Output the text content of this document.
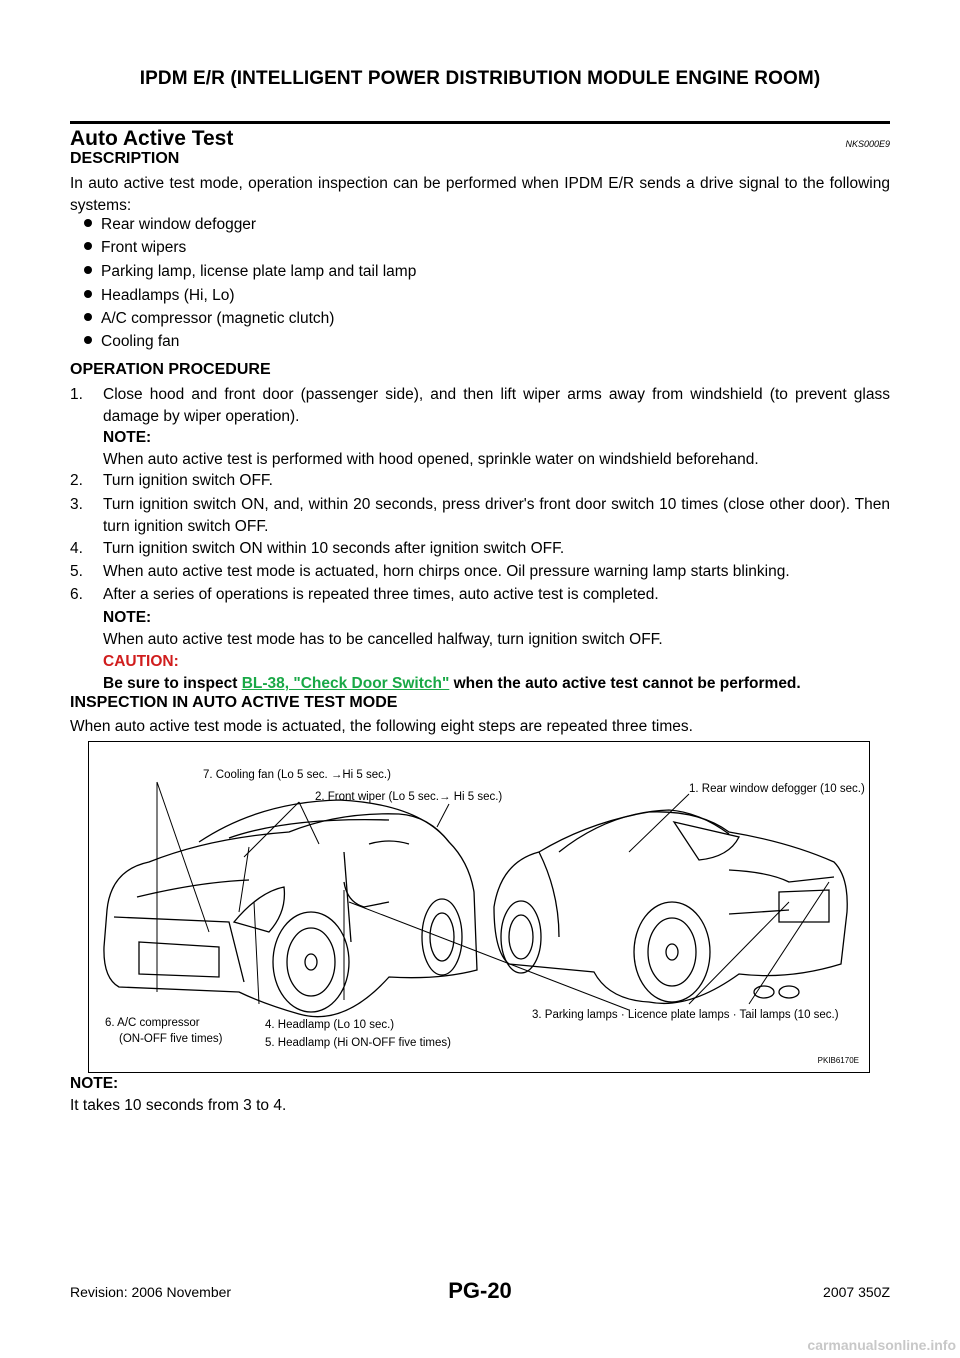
IPDM E/R (INTELLIGENT POWER DISTRIBUTION MODULE ENGINE ROOM)
Auto Active Test	NKS000E9
DESCRIPTION
In auto active test mode, operation inspection can be performed when IPDM E/R sends a drive signal to the following systems:
Rear window defogger
Front wipers
Parking lamp, license plate lamp and tail lamp
Headlamps (Hi, Lo)
A/C compressor (magnetic clutch)
Cooling fan
OPERATION PROCEDURE
1. Close hood and front door (passenger side), and then lift wiper arms away from windshield (to prevent glass damage by wiper operation).
NOTE:
When auto active test is performed with hood opened, sprinkle water on windshield beforehand.
2. Turn ignition switch OFF.
3. Turn ignition switch ON, and, within 20 seconds, press driver's front door switch 10 times (close other door). Then turn ignition switch OFF.
4. Turn ignition switch ON within 10 seconds after ignition switch OFF.
5. When auto active test mode is actuated, horn chirps once. Oil pressure warning lamp starts blinking.
6. After a series of operations is repeated three times, auto active test is completed.
NOTE:
When auto active test mode has to be cancelled halfway, turn ignition switch OFF.
CAUTION:
Be sure to inspect BL-38, "Check Door Switch" when the auto active test cannot be performed.
INSPECTION IN AUTO ACTIVE TEST MODE
When auto active test mode is actuated, the following eight steps are repeated three times.
7. Cooling fan (Lo 5 sec. →Hi 5 sec.)
2. Front wiper (Lo 5 sec.→ Hi 5 sec.)
1. Rear window defogger (10 sec.)
6. A/C compressor
(ON-OFF five times)
4. Headlamp (Lo 10 sec.)
5. Headlamp (Hi ON-OFF five times)
3. Parking lamps · Licence plate lamps · Tail lamps (10 sec.)
PKIB6170E
NOTE:
It takes 10 seconds from 3 to 4.
Revision: 2006 November	PG-20	2007 350Z
carmanualsonline.info
